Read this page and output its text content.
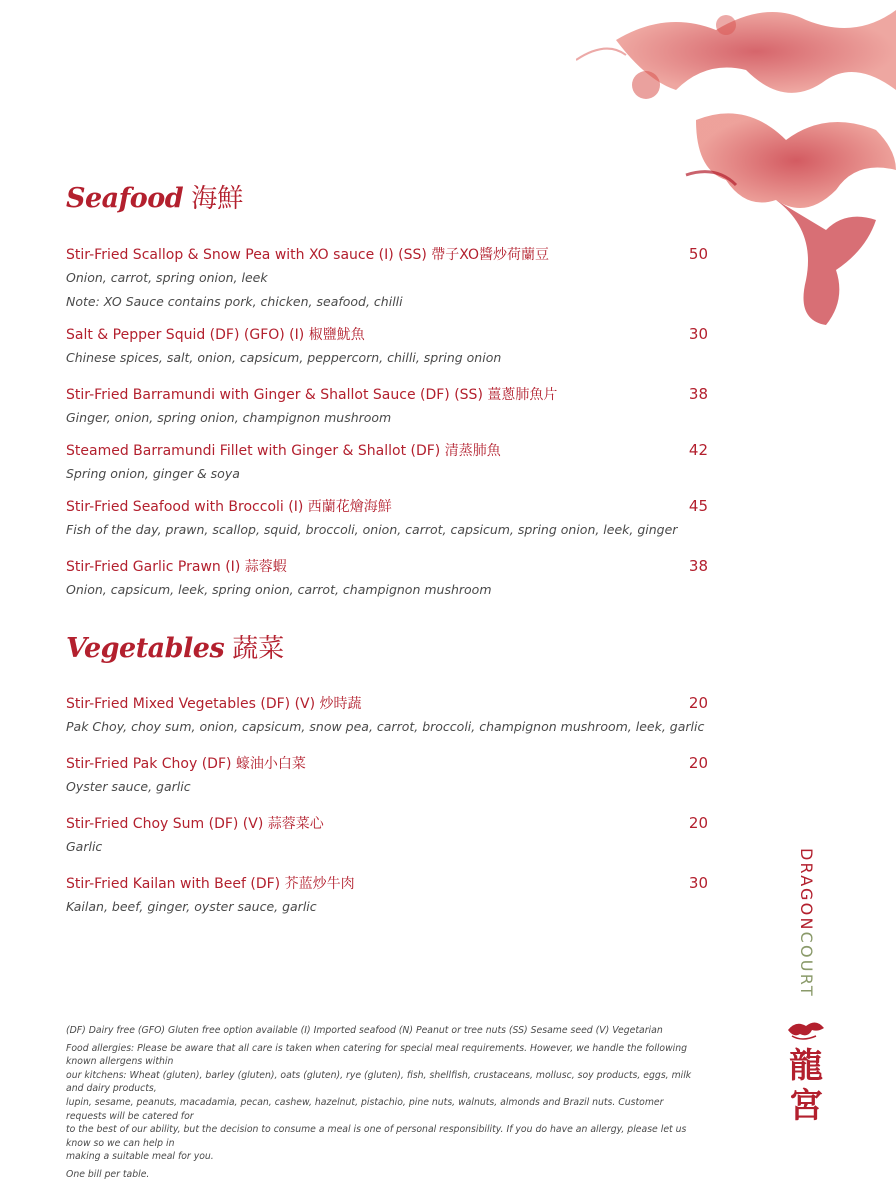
Seafood 海鮮
Stir-Fried Scallop & Snow Pea with XO sauce (I) (SS) 帶子XO醬炒荷蘭豆	50
Onion, carrot, spring onion, leek
Note: XO Sauce contains pork, chicken, seafood, chilli
Salt & Pepper Squid (DF) (GFO) (I) 椒鹽魷魚	30
Chinese spices, salt, onion, capsicum, peppercorn, chilli, spring onion
Stir-Fried Barramundi with Ginger & Shallot Sauce (DF) (SS) 薑蔥肺魚片	38
Ginger, onion, spring onion, champignon mushroom
Steamed Barramundi Fillet with Ginger & Shallot (DF) 清蒸肺魚	42
Spring onion, ginger & soya
Stir-Fried Seafood with Broccoli (I) 西蘭花燴海鮮	45
Fish of the day, prawn, scallop, squid, broccoli, onion, carrot, capsicum, spring onion, leek, ginger
Stir-Fried Garlic Prawn (I) 蒜蓉蝦	38
Onion, capsicum, leek, spring onion, carrot, champignon mushroom
Vegetables 蔬菜
Stir-Fried Mixed Vegetables (DF) (V) 炒時蔬	20
Pak Choy, choy sum, onion, capsicum, snow pea, carrot, broccoli, champignon mushroom, leek, garlic
Stir-Fried Pak Choy (DF) 蠔油小白菜	20
Oyster sauce, garlic
Stir-Fried Choy Sum (DF) (V) 蒜蓉菜心	20
Garlic
Stir-Fried Kailan with Beef (DF) 芥蓝炒牛肉	30
Kailan, beef, ginger, oyster sauce, garlic

(DF) Dairy free (GFO) Gluten free option available (I) Imported seafood (N) Peanut or tree nuts (SS) Sesame seed (V) Vegetarian

Food allergies: Please be aware that all care is taken when catering for special meal requirements. However, we handle the following known allergens within

our kitchens: Wheat (gluten), barley (gluten), oats (gluten), rye (gluten), fish, shellfish, crustaceans, mollusc, soy products, eggs, milk and dairy products,

lupin, sesame, peanuts, macadamia, pecan, cashew, hazelnut, pistachio, pine nuts, walnuts, almonds and Brazil nuts. Customer requests will be catered for

to the best of our ability, but the decision to consume a meal is one of personal responsibility. If you do have an allergy, please let us know so we can help in

making a suitable meal for you.

One bill per table.

DRAGONCOURT
龍
宮
